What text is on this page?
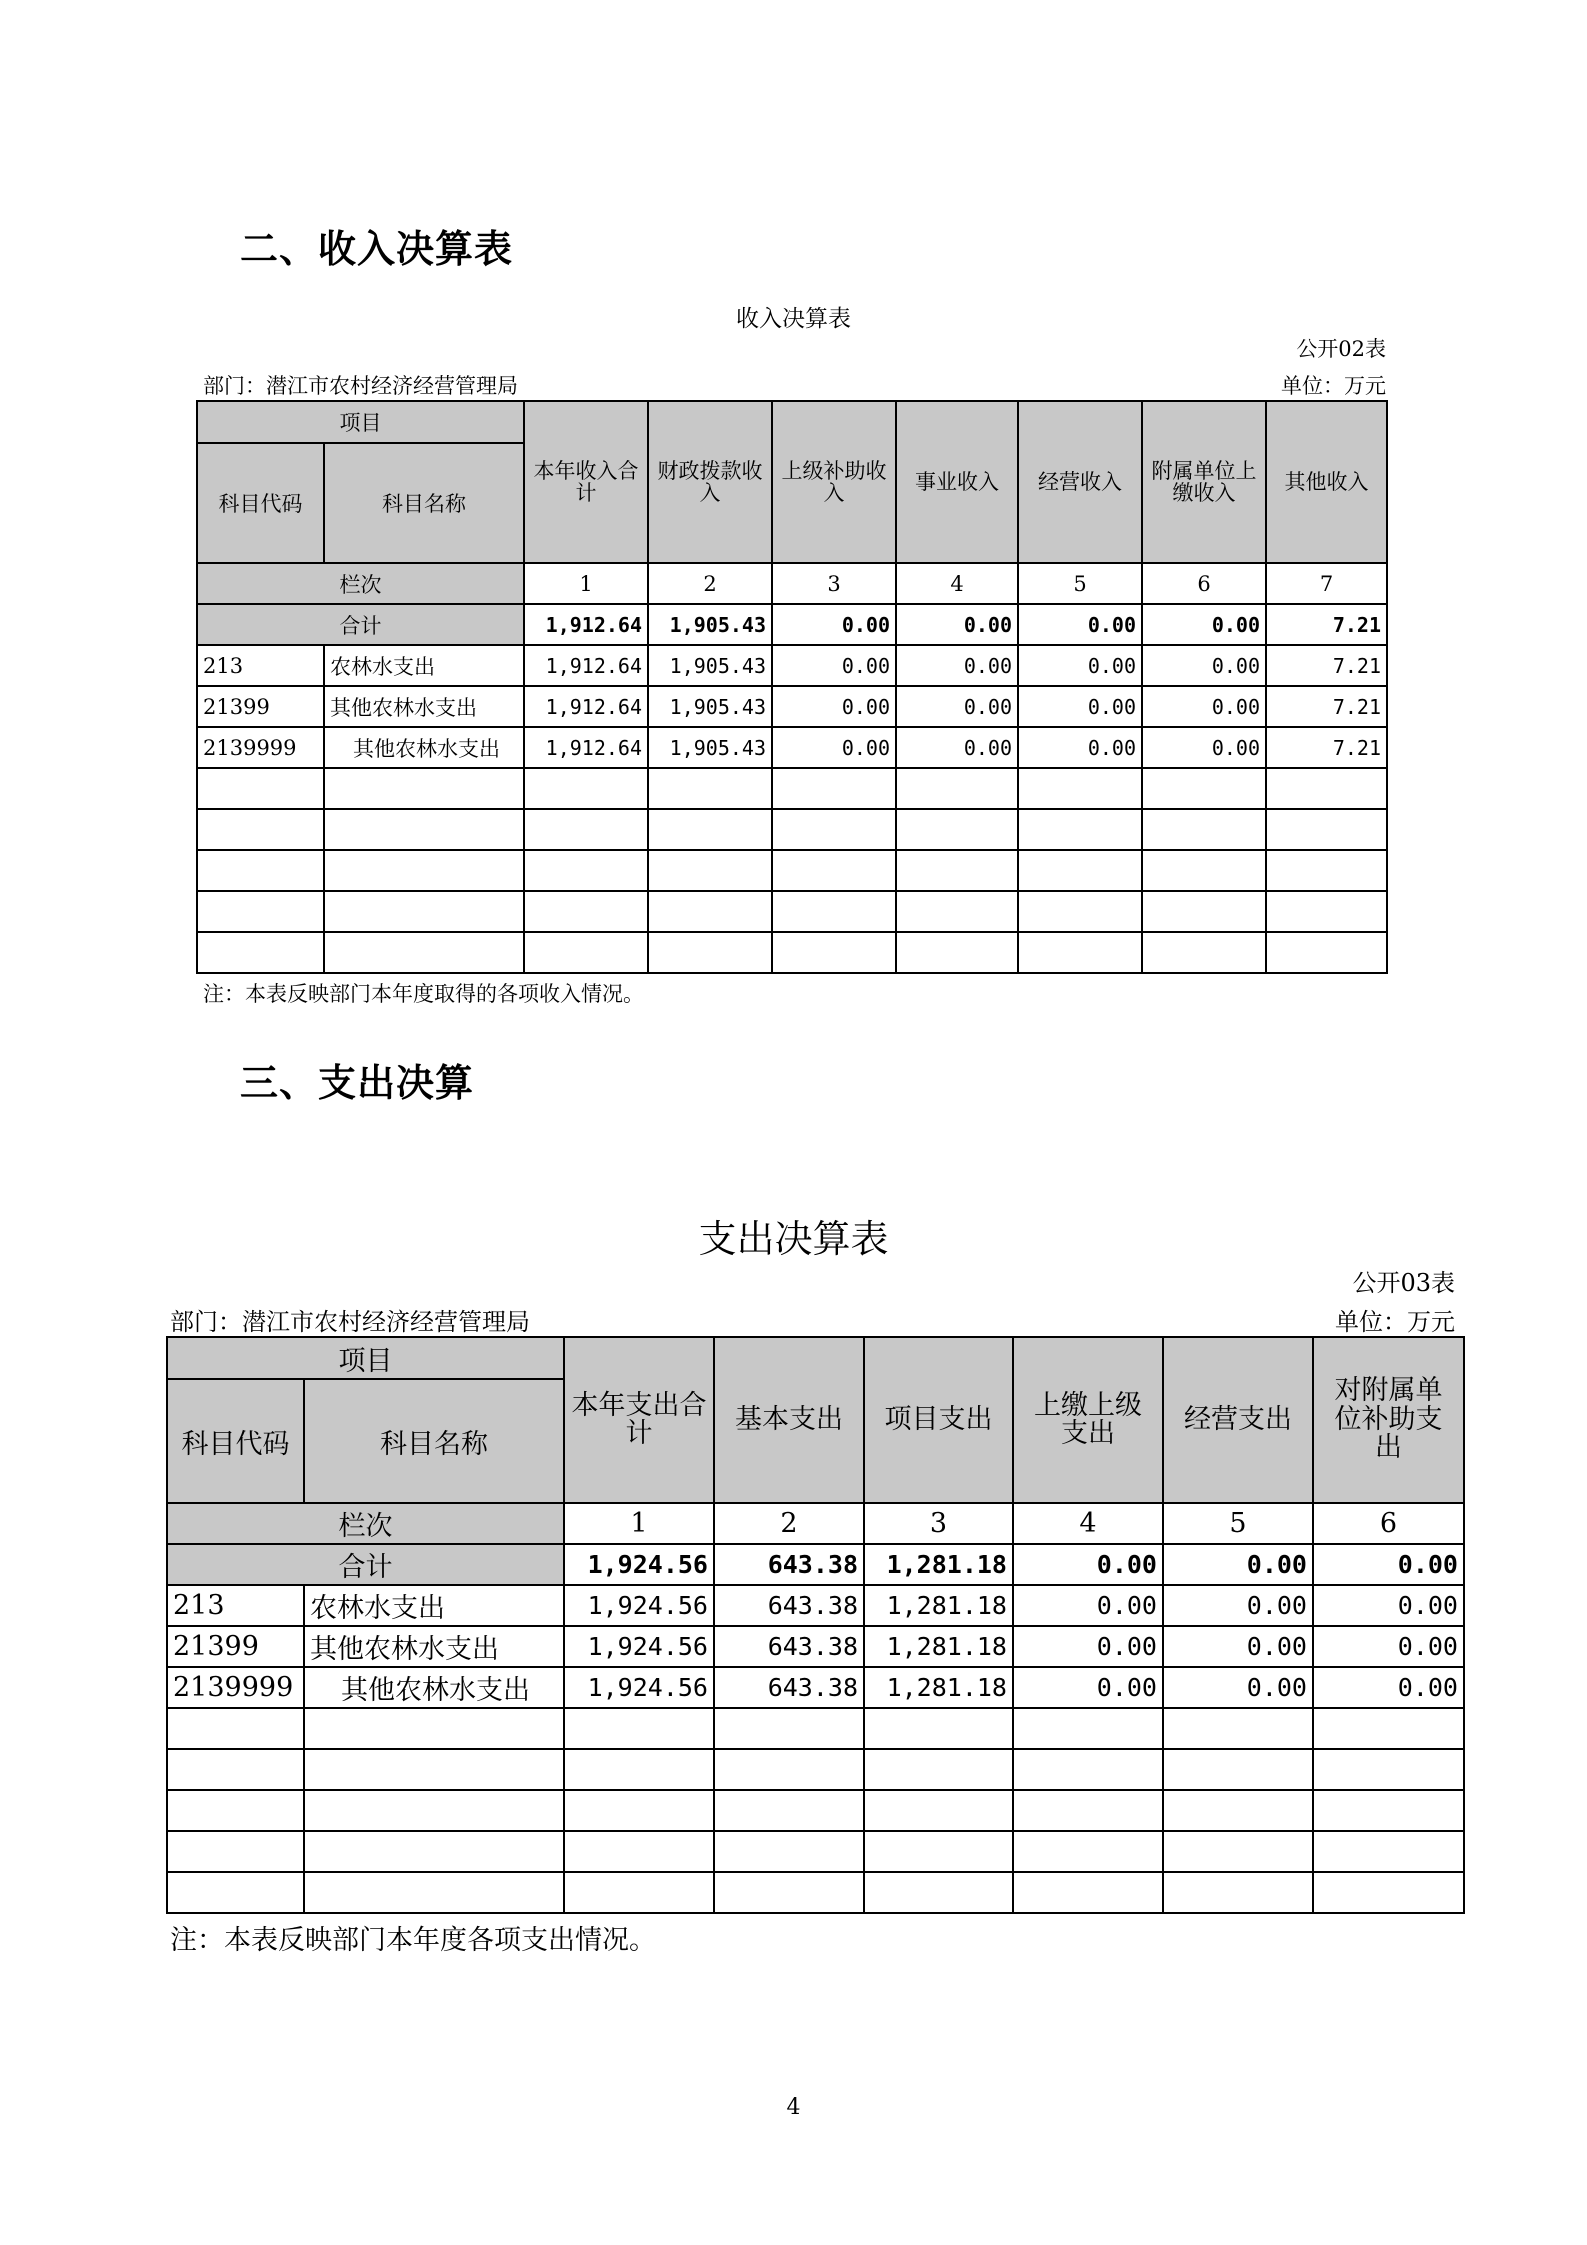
二、收入决算表
收入决算表
公开02表
部门：潜江市农村经济经营管理局	单位：万元
项目		本年收入合计	财政拨款收入	上级补助收入	事业收入	经营收入	附属单位上缴收入	其他收入
科目代码	科目名称							
栏次		1	2	3	4	5	6	7
合计		1,912.64	1,905.43	0.00	0.00	0.00	0.00	7.21
213	农林水支出	1,912.64	1,905.43	0.00	0.00	0.00	0.00	7.21
21399	其他农林水支出	1,912.64	1,905.43	0.00	0.00	0.00	0.00	7.21
2139999	其他农林水支出	1,912.64	1,905.43	0.00	0.00	0.00	0.00	7.21

注：本表反映部门本年度取得的各项收入情况。
三、支出决算
支出决算表
公开03表
部门：潜江市农村经济经营管理局	单位：万元
项目		本年支出合计	基本支出	项目支出	上缴上级支出	经营支出	对附属单位补助支出
科目代码	科目名称						
栏次		1	2	3	4	5	6
合计		1,924.56	643.38	1,281.18	0.00	0.00	0.00
213	农林水支出	1,924.56	643.38	1,281.18	0.00	0.00	0.00
21399	其他农林水支出	1,924.56	643.38	1,281.18	0.00	0.00	0.00
2139999	其他农林水支出	1,924.56	643.38	1,281.18	0.00	0.00	0.00

注：本表反映部门本年度各项支出情况。
4
